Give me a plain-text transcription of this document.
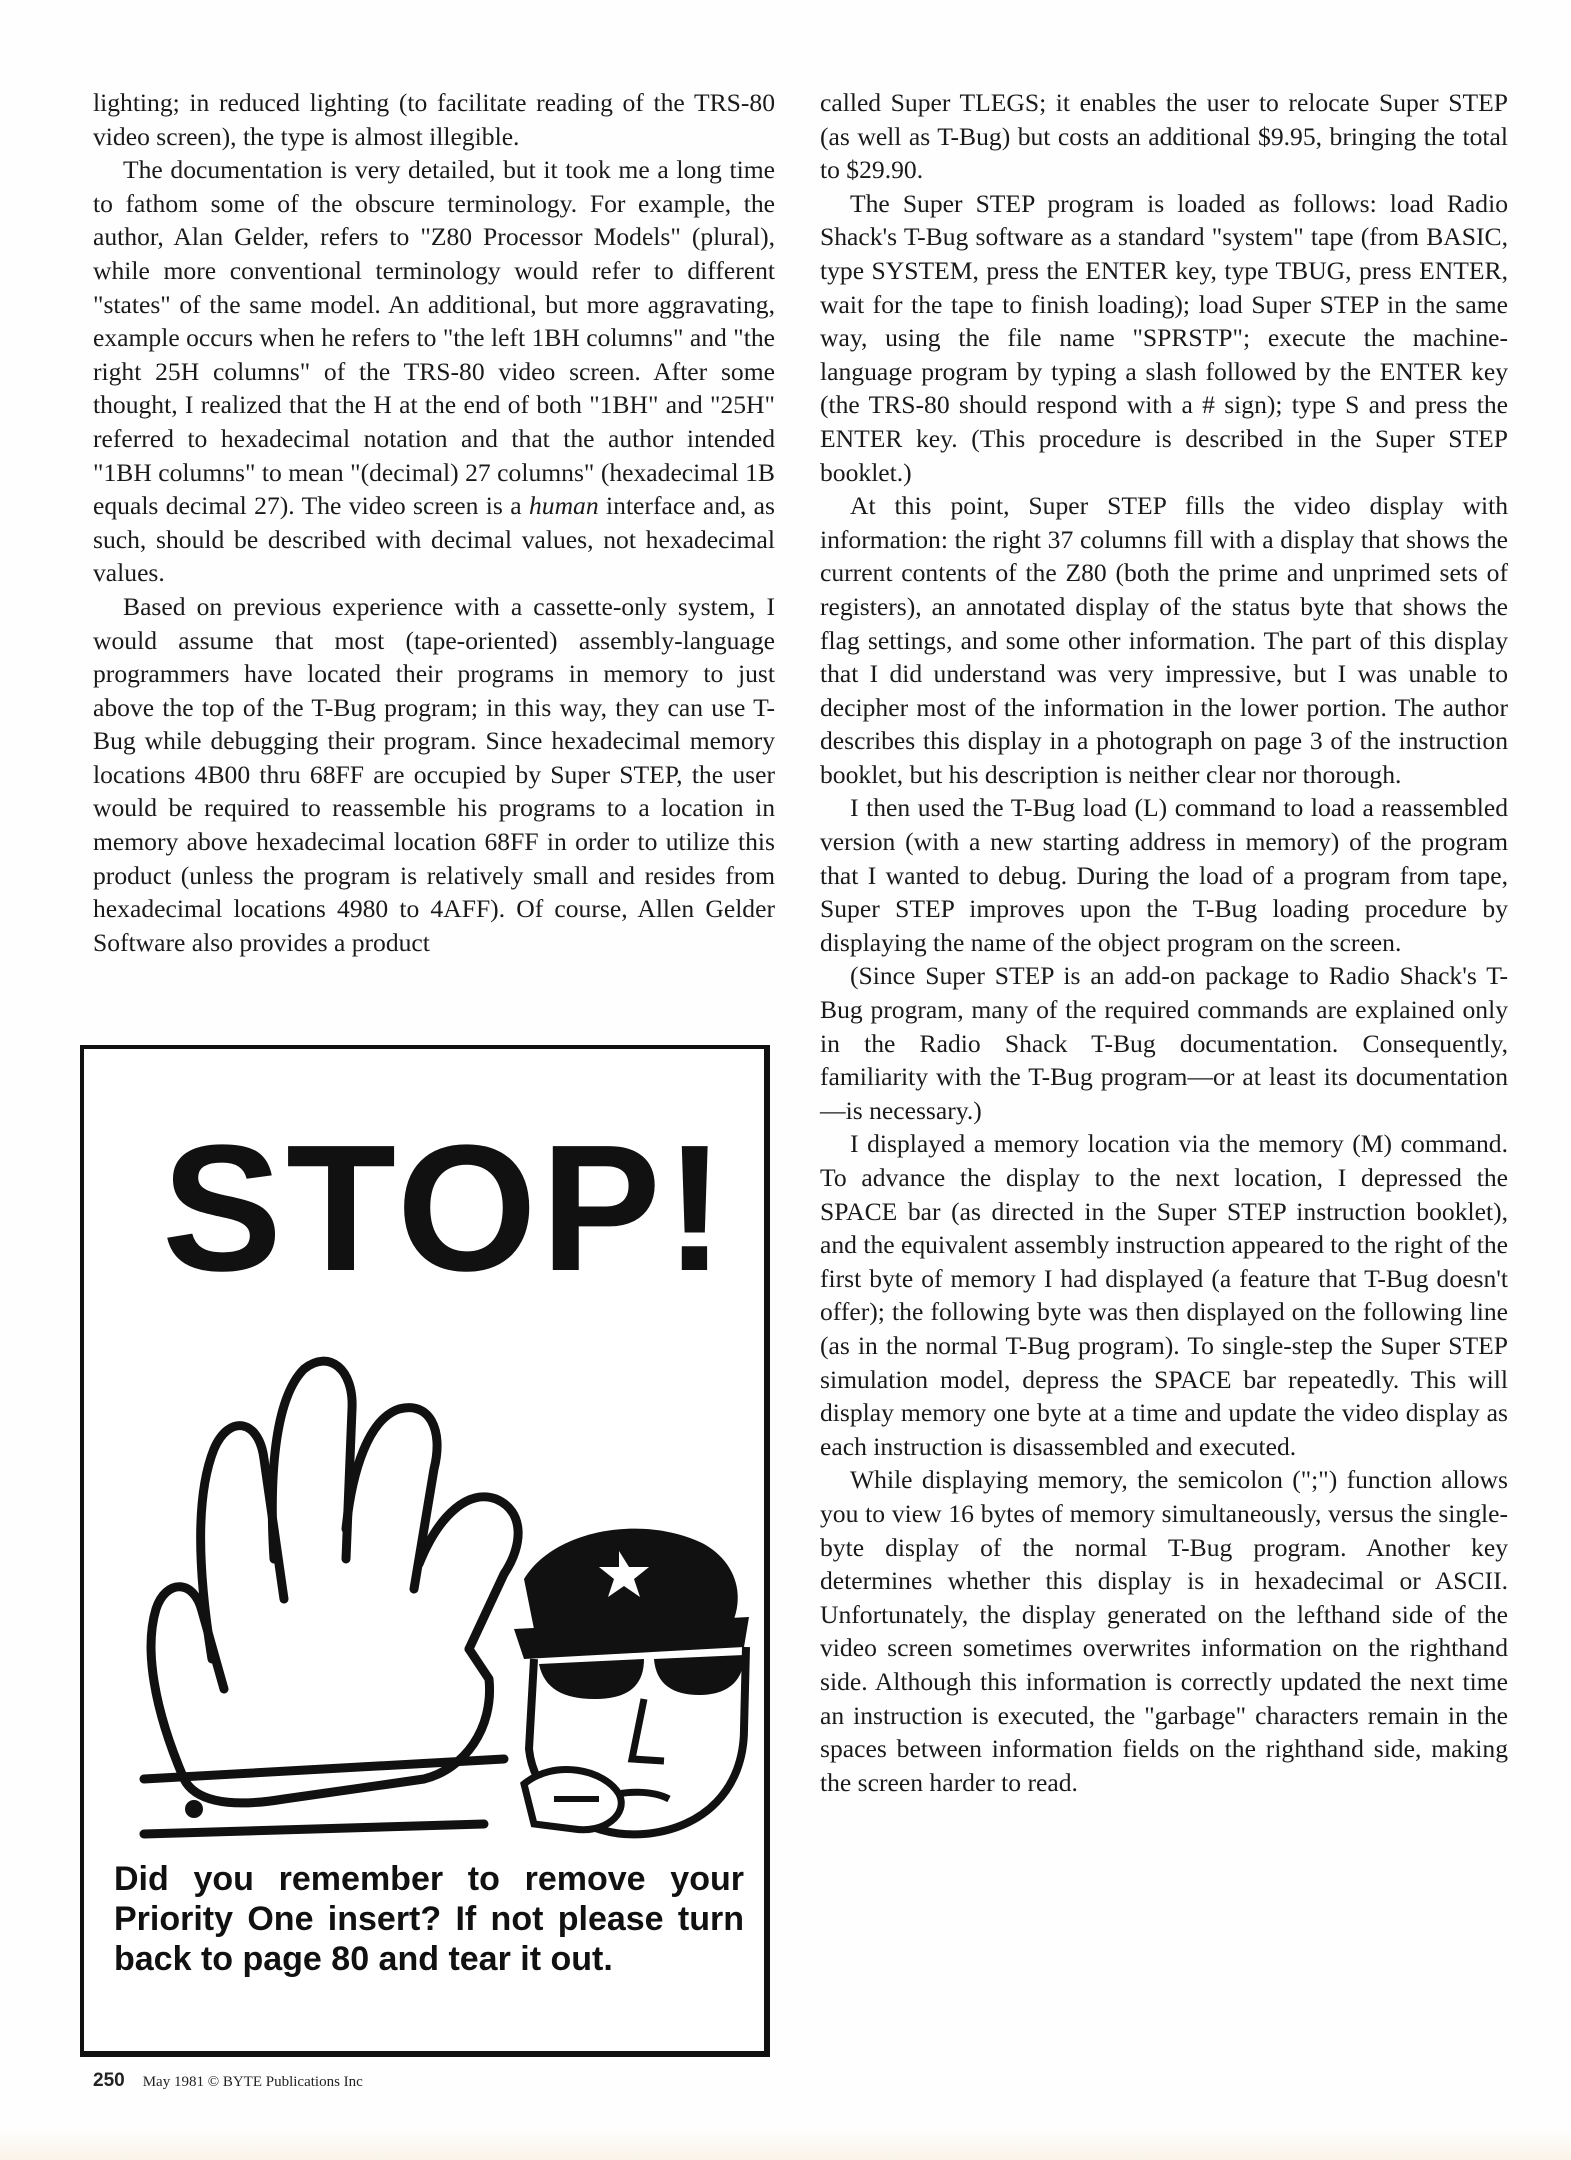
lighting; in reduced lighting (to facilitate reading of the TRS-80 video screen), the type is almost illegible.

The documentation is very detailed, but it took me a long time to fathom some of the obscure terminology. For example, the author, Alan Gelder, refers to "Z80 Processor Models" (plural), while more conventional terminology would refer to different "states" of the same model. An additional, but more aggravating, example occurs when he refers to "the left 1BH columns" and "the right 25H columns" of the TRS-80 video screen. After some thought, I realized that the H at the end of both "1BH" and "25H" referred to hexadecimal notation and that the author intended "1BH columns" to mean "(decimal) 27 columns" (hexadecimal 1B equals decimal 27). The video screen is a human interface and, as such, should be described with decimal values, not hexadecimal values.

Based on previous experience with a cassette-only system, I would assume that most (tape-oriented) assembly-language programmers have located their programs in memory to just above the top of the T-Bug program; in this way, they can use T-Bug while debugging their program. Since hexadecimal memory locations 4B00 thru 68FF are occupied by Super STEP, the user would be required to reassemble his programs to a location in memory above hexadecimal location 68FF in order to utilize this product (unless the program is relatively small and resides from hexadecimal locations 4980 to 4AFF). Of course, Allen Gelder Software also provides a product

STOP!
Did you remember to remove your Priority One insert? If not please turn back to page 80 and tear it out.

called Super TLEGS; it enables the user to relocate Super STEP (as well as T-Bug) but costs an additional $9.95, bringing the total to $29.90.

The Super STEP program is loaded as follows: load Radio Shack's T-Bug software as a standard "system" tape (from BASIC, type SYSTEM, press the ENTER key, type TBUG, press ENTER, wait for the tape to finish loading); load Super STEP in the same way, using the file name "SPRSTP"; execute the machine-language program by typing a slash followed by the ENTER key (the TRS-80 should respond with a # sign); type S and press the ENTER key. (This procedure is described in the Super STEP booklet.)

At this point, Super STEP fills the video display with information: the right 37 columns fill with a display that shows the current contents of the Z80 (both the prime and unprimed sets of registers), an annotated display of the status byte that shows the flag settings, and some other information. The part of this display that I did understand was very impressive, but I was unable to decipher most of the information in the lower portion. The author describes this display in a photograph on page 3 of the instruction booklet, but his description is neither clear nor thorough.

I then used the T-Bug load (L) command to load a reassembled version (with a new starting address in memory) of the program that I wanted to debug. During the load of a program from tape, Super STEP improves upon the T-Bug loading procedure by displaying the name of the object program on the screen.

(Since Super STEP is an add-on package to Radio Shack's T-Bug program, many of the required commands are explained only in the Radio Shack T-Bug documentation. Consequently, familiarity with the T-Bug program—or at least its documentation—is necessary.)

I displayed a memory location via the memory (M) command. To advance the display to the next location, I depressed the SPACE bar (as directed in the Super STEP instruction booklet), and the equivalent assembly instruction appeared to the right of the first byte of memory I had displayed (a feature that T-Bug doesn't offer); the following byte was then displayed on the following line (as in the normal T-Bug program). To single-step the Super STEP simulation model, depress the SPACE bar repeatedly. This will display memory one byte at a time and update the video display as each instruction is disassembled and executed.

While displaying memory, the semicolon (";") function allows you to view 16 bytes of memory simultaneously, versus the single-byte display of the normal T-Bug program. Another key determines whether this display is in hexadecimal or ASCII. Unfortunately, the display generated on the lefthand side of the video screen sometimes overwrites information on the righthand side. Although this information is correctly updated the next time an instruction is executed, the "garbage" characters remain in the spaces between information fields on the righthand side, making the screen harder to read.

250 May 1981 © BYTE Publications Inc
